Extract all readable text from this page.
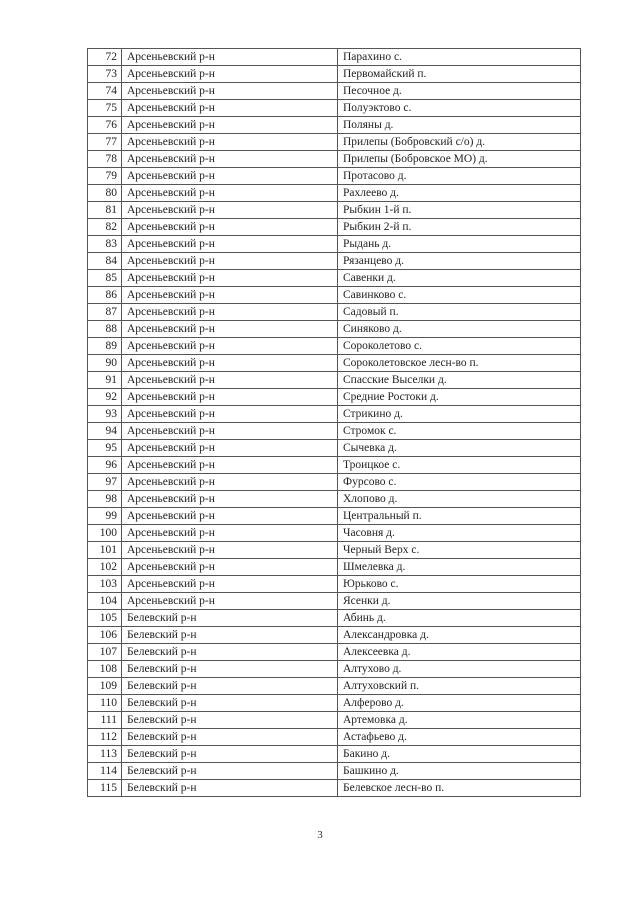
72	Арсеньевский р-н	Парахино с.
73	Арсеньевский р-н	Первомайский п.
74	Арсеньевский р-н	Песочное д.
75	Арсеньевский р-н	Полуэктово с.
76	Арсеньевский р-н	Поляны д.
77	Арсеньевский р-н	Прилепы (Бобровский с/о) д.
78	Арсеньевский р-н	Прилепы (Бобровское МО) д.
79	Арсеньевский р-н	Протасово д.
80	Арсеньевский р-н	Рахлеево д.
81	Арсеньевский р-н	Рыбкин 1-й п.
82	Арсеньевский р-н	Рыбкин 2-й п.
83	Арсеньевский р-н	Рыдань д.
84	Арсеньевский р-н	Рязанцево д.
85	Арсеньевский р-н	Савенки д.
86	Арсеньевский р-н	Савинково с.
87	Арсеньевский р-н	Садовый п.
88	Арсеньевский р-н	Синяково д.
89	Арсеньевский р-н	Сороколетово с.
90	Арсеньевский р-н	Сороколетовское лесн-во п.
91	Арсеньевский р-н	Спасские Выселки д.
92	Арсеньевский р-н	Средние Ростоки д.
93	Арсеньевский р-н	Стрикино д.
94	Арсеньевский р-н	Стромок с.
95	Арсеньевский р-н	Сычевка д.
96	Арсеньевский р-н	Троицкое с.
97	Арсеньевский р-н	Фурсово с.
98	Арсеньевский р-н	Хлопово д.
99	Арсеньевский р-н	Центральный п.
100	Арсеньевский р-н	Часовня д.
101	Арсеньевский р-н	Черный Верх с.
102	Арсеньевский р-н	Шмелевка д.
103	Арсеньевский р-н	Юрьково с.
104	Арсеньевский р-н	Ясенки д.
105	Белевский р-н	Абинь д.
106	Белевский р-н	Александровка д.
107	Белевский р-н	Алексеевка д.
108	Белевский р-н	Алтухово д.
109	Белевский р-н	Алтуховский п.
110	Белевский р-н	Алферово д.
111	Белевский р-н	Артемовка д.
112	Белевский р-н	Астафьево д.
113	Белевский р-н	Бакино д.
114	Белевский р-н	Башкино д.
115	Белевский р-н	Белевское лесн-во п.
3
